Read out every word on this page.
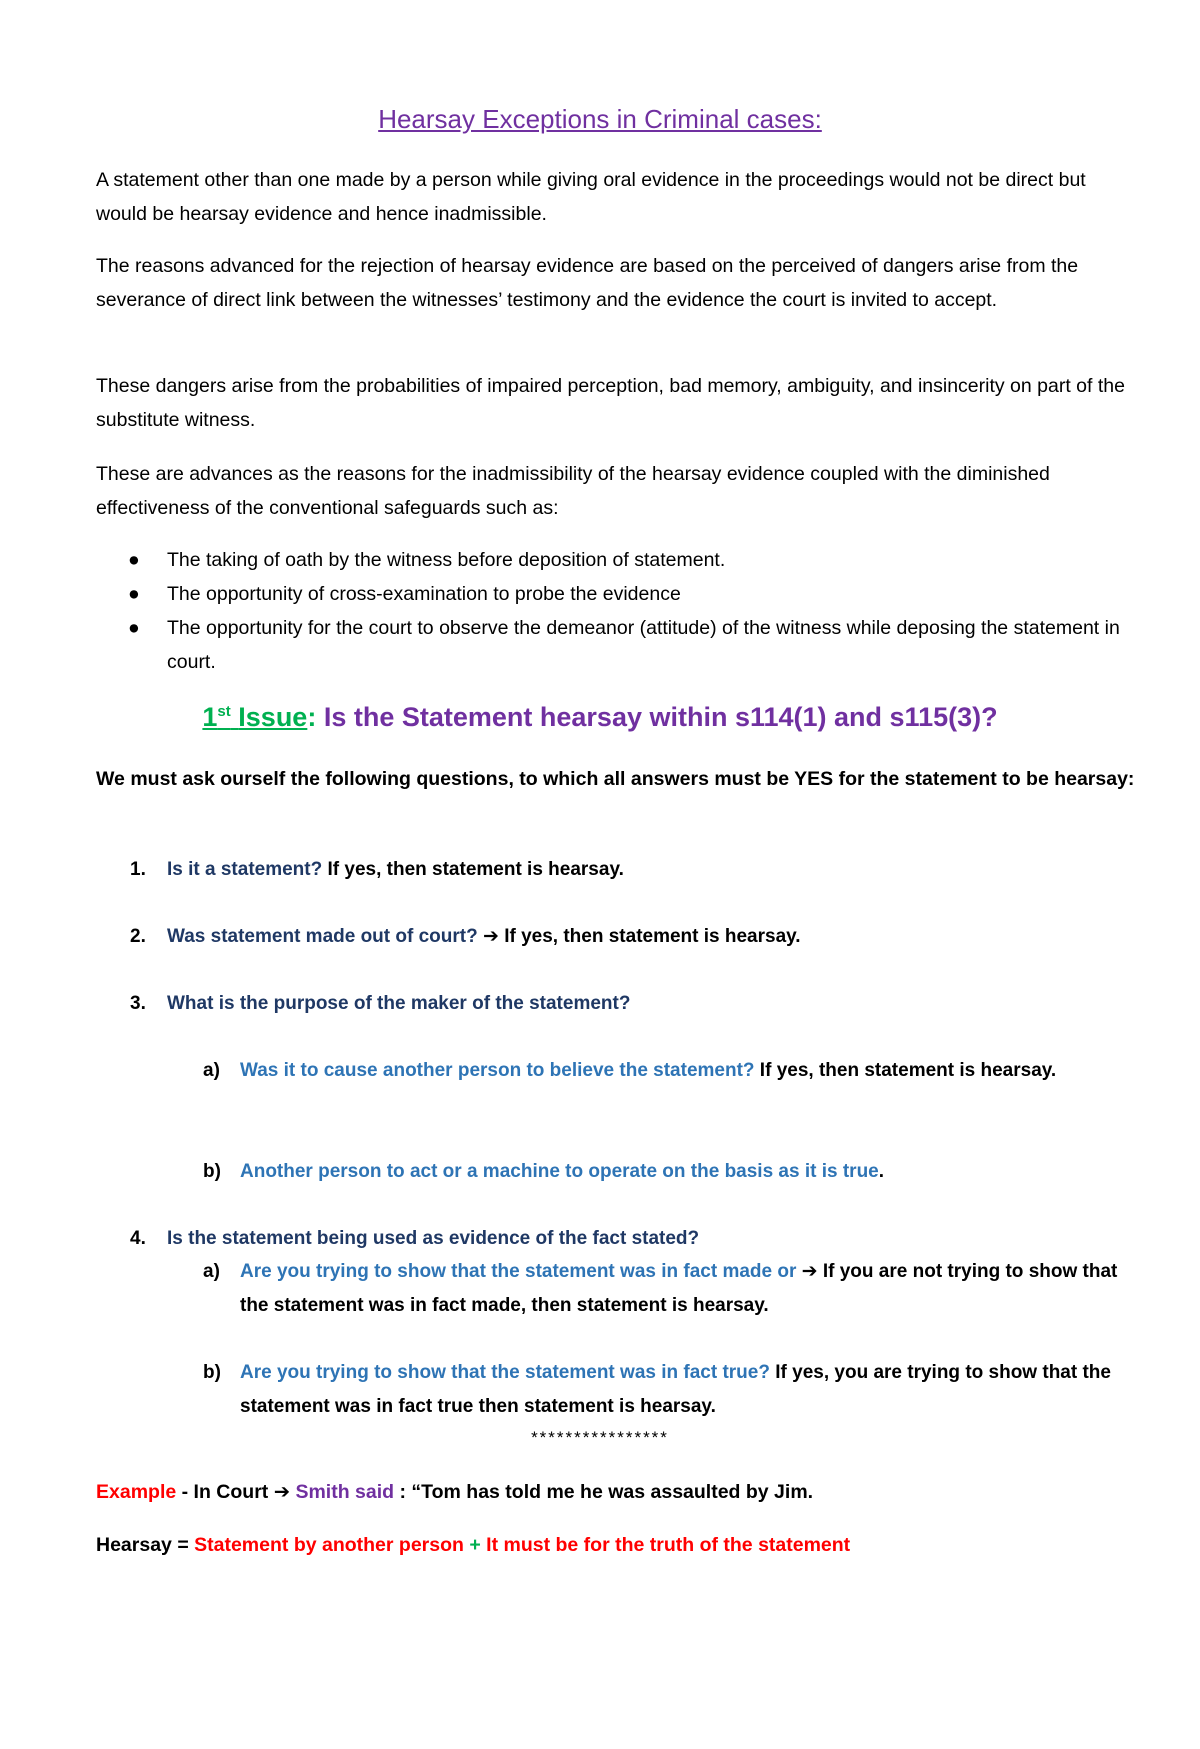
Hearsay Exceptions in Criminal cases:

A statement other than one made by a person while giving oral evidence in the proceedings would not be direct but would be hearsay evidence and hence inadmissible.

The reasons advanced for the rejection of hearsay evidence are based on the perceived of dangers arise from the severance of direct link between the witnesses’ testimony and the evidence the court is invited to accept.

These dangers arise from the probabilities of impaired perception, bad memory, ambiguity, and insincerity on part of the substitute witness.

These are advances as the reasons for the inadmissibility of the hearsay evidence coupled with the diminished effectiveness of the conventional safeguards such as:

● The taking of oath by the witness before deposition of statement.
● The opportunity of cross-examination to probe the evidence
● The opportunity for the court to observe the demeanor (attitude) of the witness while deposing the statement in court.
1st Issue: Is the Statement hearsay within s114(1) and s115(3)?

We must ask ourself the following questions, to which all answers must be YES for the statement to be hearsay:

1. Is it a statement? If yes, then statement is hearsay.
2. Was statement made out of court? ➔ If yes, then statement is hearsay.
3. What is the purpose of the maker of the statement?
a) Was it to cause another person to believe the statement? If yes, then statement is hearsay.
b) Another person to act or a machine to operate on the basis as it is true.
4. Is the statement being used as evidence of the fact stated?
a) Are you trying to show that the statement was in fact made or ➔ If you are not trying to show that the statement was in fact made, then statement is hearsay.
b) Are you trying to show that the statement was in fact true? If yes, you are trying to show that the statement was in fact true then statement is hearsay.
****************

Example - In Court ➔ Smith said : “Tom has told me he was assaulted by Jim.

Hearsay = Statement by another person + It must be for the truth of the statement
